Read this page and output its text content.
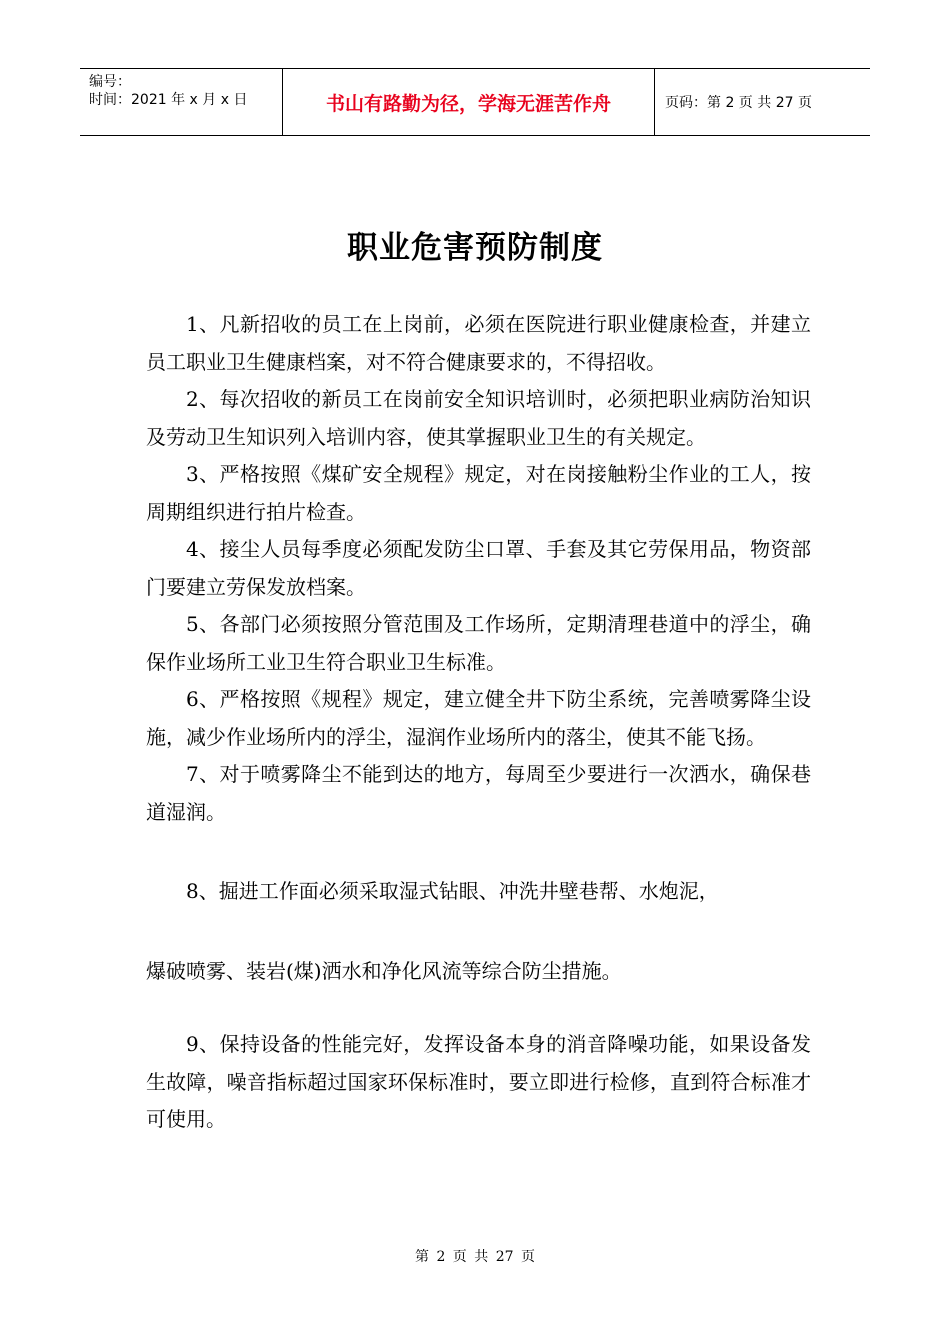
编号：
时间：2021 年 x 月 x 日	书山有路勤为径，学海无涯苦作舟	页码：第 2 页 共 27 页
职业危害预防制度

1、凡新招收的员工在上岗前，必须在医院进行职业健康检查，并建立员工职业卫生健康档案，对不符合健康要求的，不得招收。

2、每次招收的新员工在岗前安全知识培训时，必须把职业病防治知识及劳动卫生知识列入培训内容，使其掌握职业卫生的有关规定。

3、严格按照《煤矿安全规程》规定，对在岗接触粉尘作业的工人，按周期组织进行拍片检查。

4、接尘人员每季度必须配发防尘口罩、手套及其它劳保用品，物资部门要建立劳保发放档案。

5、各部门必须按照分管范围及工作场所，定期清理巷道中的浮尘，确保作业场所工业卫生符合职业卫生标准。

6、严格按照《规程》规定，建立健全井下防尘系统，完善喷雾降尘设施，减少作业场所内的浮尘，湿润作业场所内的落尘，使其不能飞扬。

7、对于喷雾降尘不能到达的地方，每周至少要进行一次洒水，确保巷道湿润。

8、掘进工作面必须采取湿式钻眼、冲洗井壁巷帮、水炮泥，

爆破喷雾、装岩(煤)洒水和净化风流等综合防尘措施。

9、保持设备的性能完好，发挥设备本身的消音降噪功能，如果设备发生故障，噪音指标超过国家环保标准时，要立即进行检修，直到符合标准才可使用。

第 2 页 共 27 页
